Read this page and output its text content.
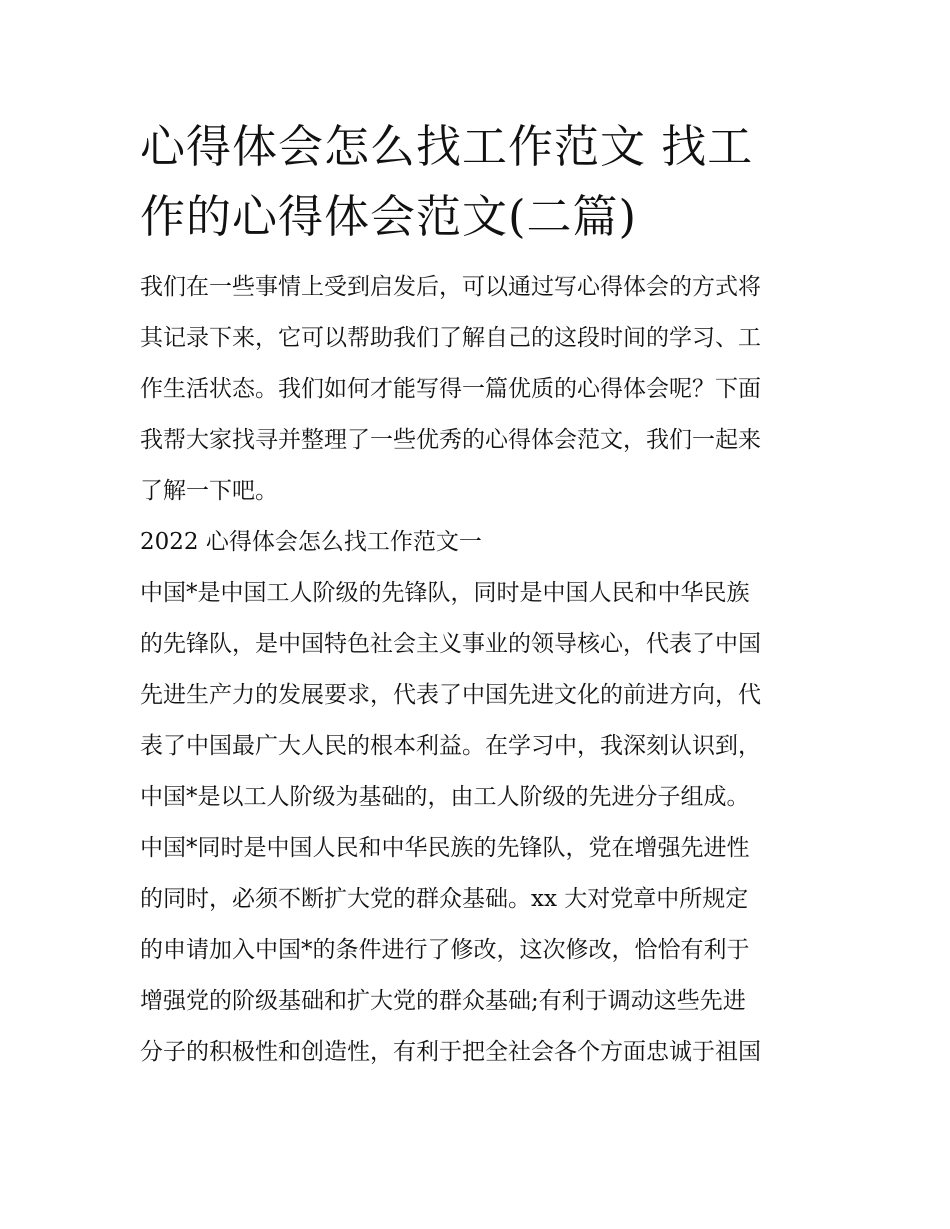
心得体会怎么找工作范文 找工
作的心得体会范文(二篇)

我们在一些事情上受到启发后，可以通过写心得体会的方式将
其记录下来，它可以帮助我们了解自己的这段时间的学习、工
作生活状态。我们如何才能写得一篇优质的心得体会呢？下面
我帮大家找寻并整理了一些优秀的心得体会范文，我们一起来
了解一下吧。

2022 心得体会怎么找工作范文一

中国*是中国工人阶级的先锋队，同时是中国人民和中华民族
的先锋队，是中国特色社会主义事业的领导核心，代表了中国
先进生产力的发展要求，代表了中国先进文化的前进方向，代
表了中国最广大人民的根本利益。在学习中，我深刻认识到，
中国*是以工人阶级为基础的，由工人阶级的先进分子组成。
中国*同时是中国人民和中华民族的先锋队，党在增强先进性
的同时，必须不断扩大党的群众基础。xx 大对党章中所规定
的申请加入中国*的条件进行了修改，这次修改，恰恰有利于
增强党的阶级基础和扩大党的群众基础;有利于调动这些先进
分子的积极性和创造性，有利于把全社会各个方面忠诚于祖国
